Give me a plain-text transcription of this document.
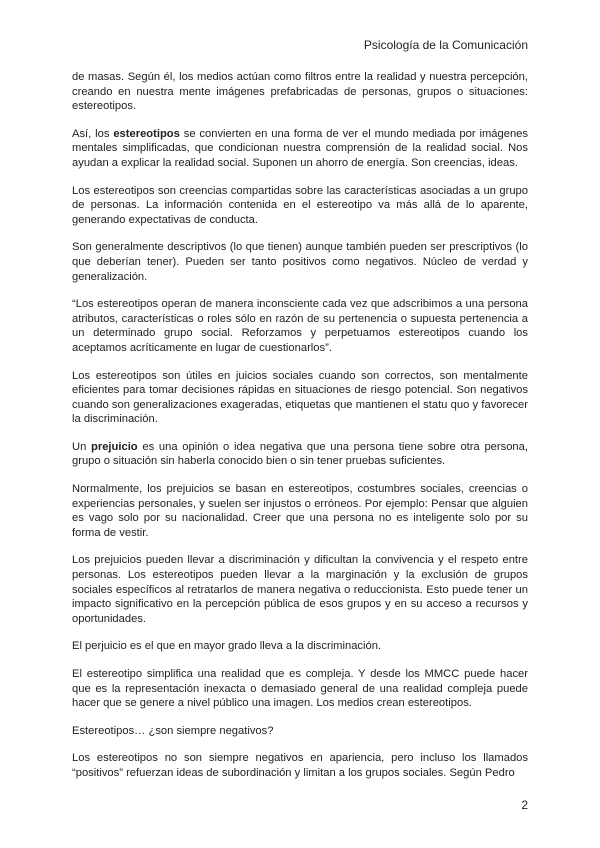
Psicología de la Comunicación

de masas. Según él, los medios actúan como filtros entre la realidad y nuestra percepción, creando en nuestra mente imágenes prefabricadas de personas, grupos o situaciones: estereotipos.

Así, los estereotipos se convierten en una forma de ver el mundo mediada por imágenes mentales simplificadas, que condicionan nuestra comprensión de la realidad social. Nos ayudan a explicar la realidad social. Suponen un ahorro de energía. Son creencias, ideas.

Los estereotipos son creencias compartidas sobre las características asociadas a un grupo de personas. La información contenida en el estereotipo va más allá de lo aparente, generando expectativas de conducta.

Son generalmente descriptivos (lo que tienen) aunque también pueden ser prescriptivos (lo que deberían tener). Pueden ser tanto positivos como negativos. Núcleo de verdad y generalización.

“Los estereotipos operan de manera inconsciente cada vez que adscribimos a una persona atributos, características o roles sólo en razón de su pertenencia o supuesta pertenencia a un determinado grupo social. Reforzamos y perpetuamos estereotipos cuando los aceptamos acríticamente en lugar de cuestionarlos”.

Los estereotipos son útiles en juicios sociales cuando son correctos, son mentalmente eficientes para tomar decisiones rápidas en situaciones de riesgo potencial. Son negativos cuando son generalizaciones exageradas, etiquetas que mantienen el statu quo y favorecer la discriminación.

Un prejuicio es una opinión o idea negativa que una persona tiene sobre otra persona, grupo o situación sin haberla conocido bien o sin tener pruebas suficientes.

Normalmente, los prejuicios se basan en estereotipos, costumbres sociales, creencias o experiencias personales, y suelen ser injustos o erróneos. Por ejemplo: Pensar que alguien es vago solo por su nacionalidad. Creer que una persona no es inteligente solo por su forma de vestir.

Los prejuicios pueden llevar a discriminación y dificultan la convivencia y el respeto entre personas. Los estereotipos pueden llevar a la marginación y la exclusión de grupos sociales específicos al retratarlos de manera negativa o reduccionista. Esto puede tener un impacto significativo en la percepción pública de esos grupos y en su acceso a recursos y oportunidades.

El perjuicio es el que en mayor grado lleva a la discriminación.

El estereotipo simplifica una realidad que es compleja. Y desde los MMCC puede hacer que es la representación inexacta o demasiado general de una realidad compleja puede hacer que se genere a nivel público una imagen. Los medios crean estereotipos.

Estereotipos… ¿son siempre negativos?

Los estereotipos no son siempre negativos en apariencia, pero incluso los llamados “positivos” refuerzan ideas de subordinación y limitan a los grupos sociales. Según Pedro

2
